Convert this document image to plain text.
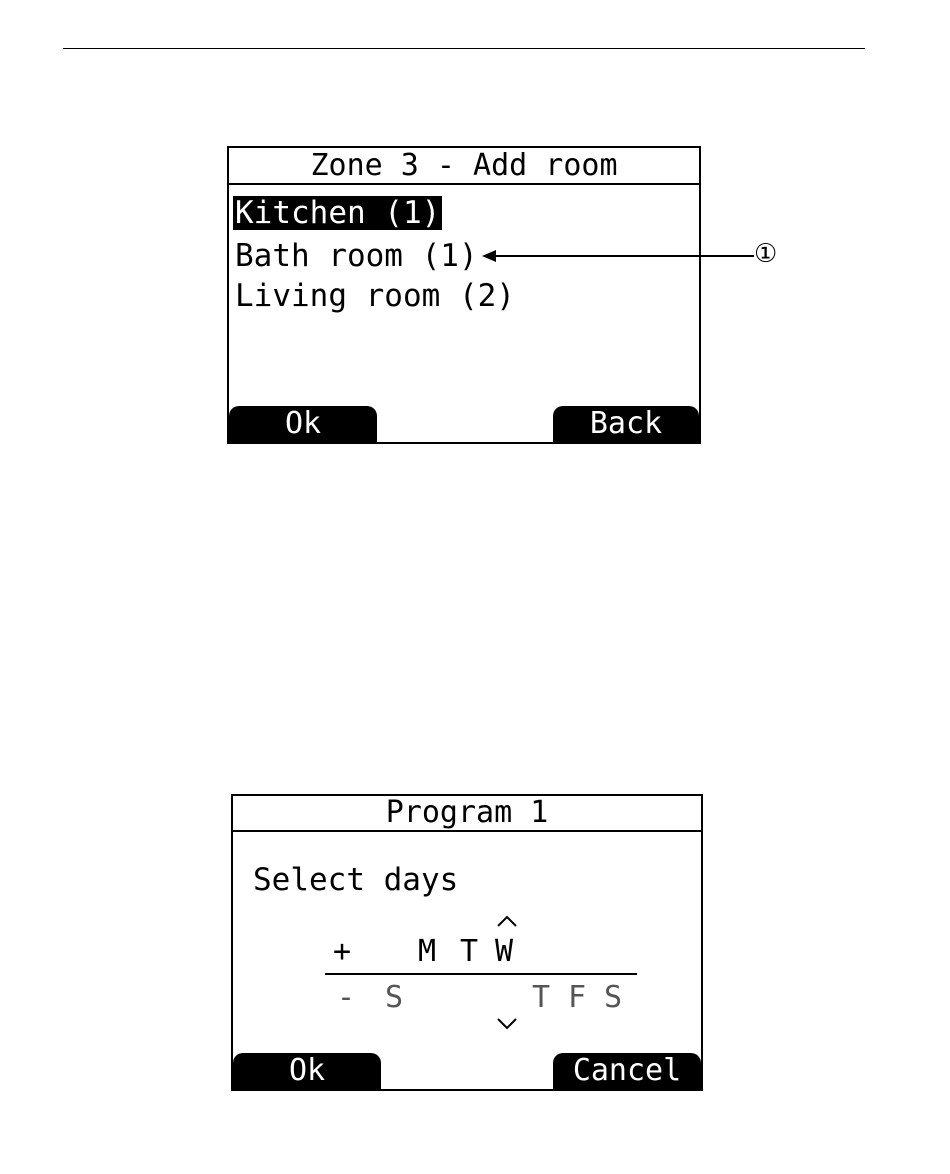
Zone 3 - Add room
Kitchen (1)
Bath room (1)
Living room (2)
Ok	Back
①
Program 1
Select days
+ M T W
- S	T F S
Ok	Cancel
